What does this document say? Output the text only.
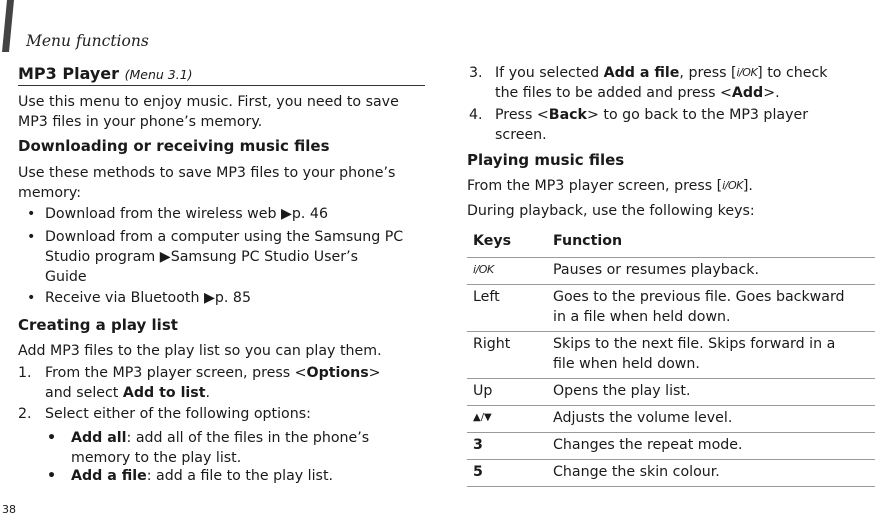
Menu functions
MP3 Player (Menu 3.1)
Use this menu to enjoy music. First, you need to save
MP3 files in your phone’s memory.
Downloading or receiving music files
Use these methods to save MP3 files to your phone’s
memory:
• Download from the wireless web ▶p. 46
• Download from a computer using the Samsung PC
Studio program ▶Samsung PC Studio User’s
Guide
• Receive via Bluetooth ▶p. 85
Creating a play list
Add MP3 files to the play list so you can play them.
1. From the MP3 player screen, press <Options>
and select Add to list.
2. Select either of the following options:
• Add all: add all of the files in the phone’s
memory to the play list.
• Add a file: add a file to the play list.
38
3. If you selected Add a file, press [i/OK] to check
the files to be added and press <Add>.
4. Press <Back> to go back to the MP3 player
screen.
Playing music files
From the MP3 player screen, press [i/OK].
During playback, use the following keys:
Keys	Function
i/OK	Pauses or resumes playback.
Left	Goes to the previous file. Goes backward
in a file when held down.

Right	Skips to the next file. Skips forward in a
file when held down.

Up	Opens the play list.
▲/▼	Adjusts the volume level.
3	Changes the repeat mode.
5	Change the skin colour.
